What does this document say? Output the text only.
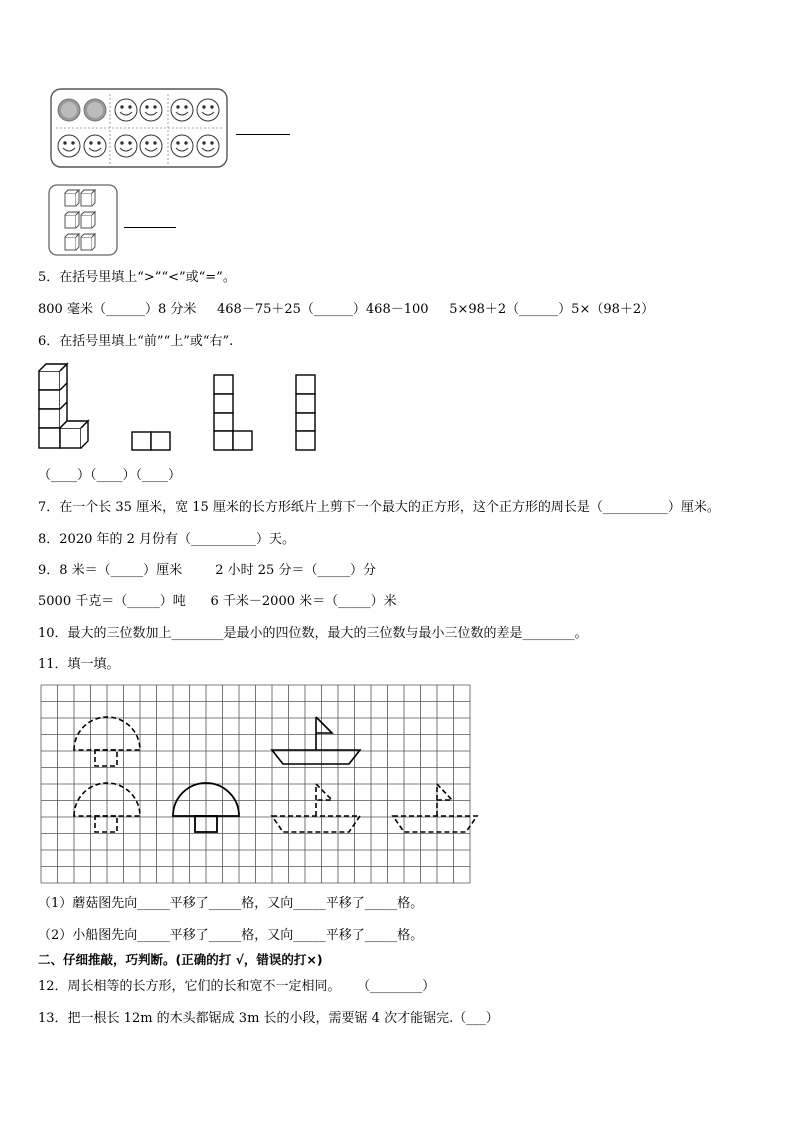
5．在括号里填上“>”“<”或“=”。
800 毫米（______）8 分米     468－75＋25（______）468－100     5×98＋2（______）5×（98＋2）
6．在括号里填上“前”“上”或“右”.
（____）（____）（____）
7．在一个长 35 厘米，宽 15 厘米的长方形纸片上剪下一个最大的正方形，这个正方形的周长是（__________）厘米。
8．2020 年的 2 月份有（__________）天。
9．8 米＝（_____）厘米        2 小时 25 分＝（_____）分
5000 千克＝（_____）吨      6 千米－2000 米＝（_____）米
10．最大的三位数加上________是最小的四位数，最大的三位数与最小三位数的差是________。
11．填一填。
（1）蘑菇图先向_____平移了_____格，又向_____平移了_____格。
（2）小船图先向_____平移了_____格，又向_____平移了_____格。
二、仔细推敲，巧判断。(正确的打 √，错误的打×)
12．周长相等的长方形，它们的长和宽不一定相同。    （________）
13．把一根长 12m 的木头都锯成 3m 长的小段，需要锯 4 次才能锯完.（___）
